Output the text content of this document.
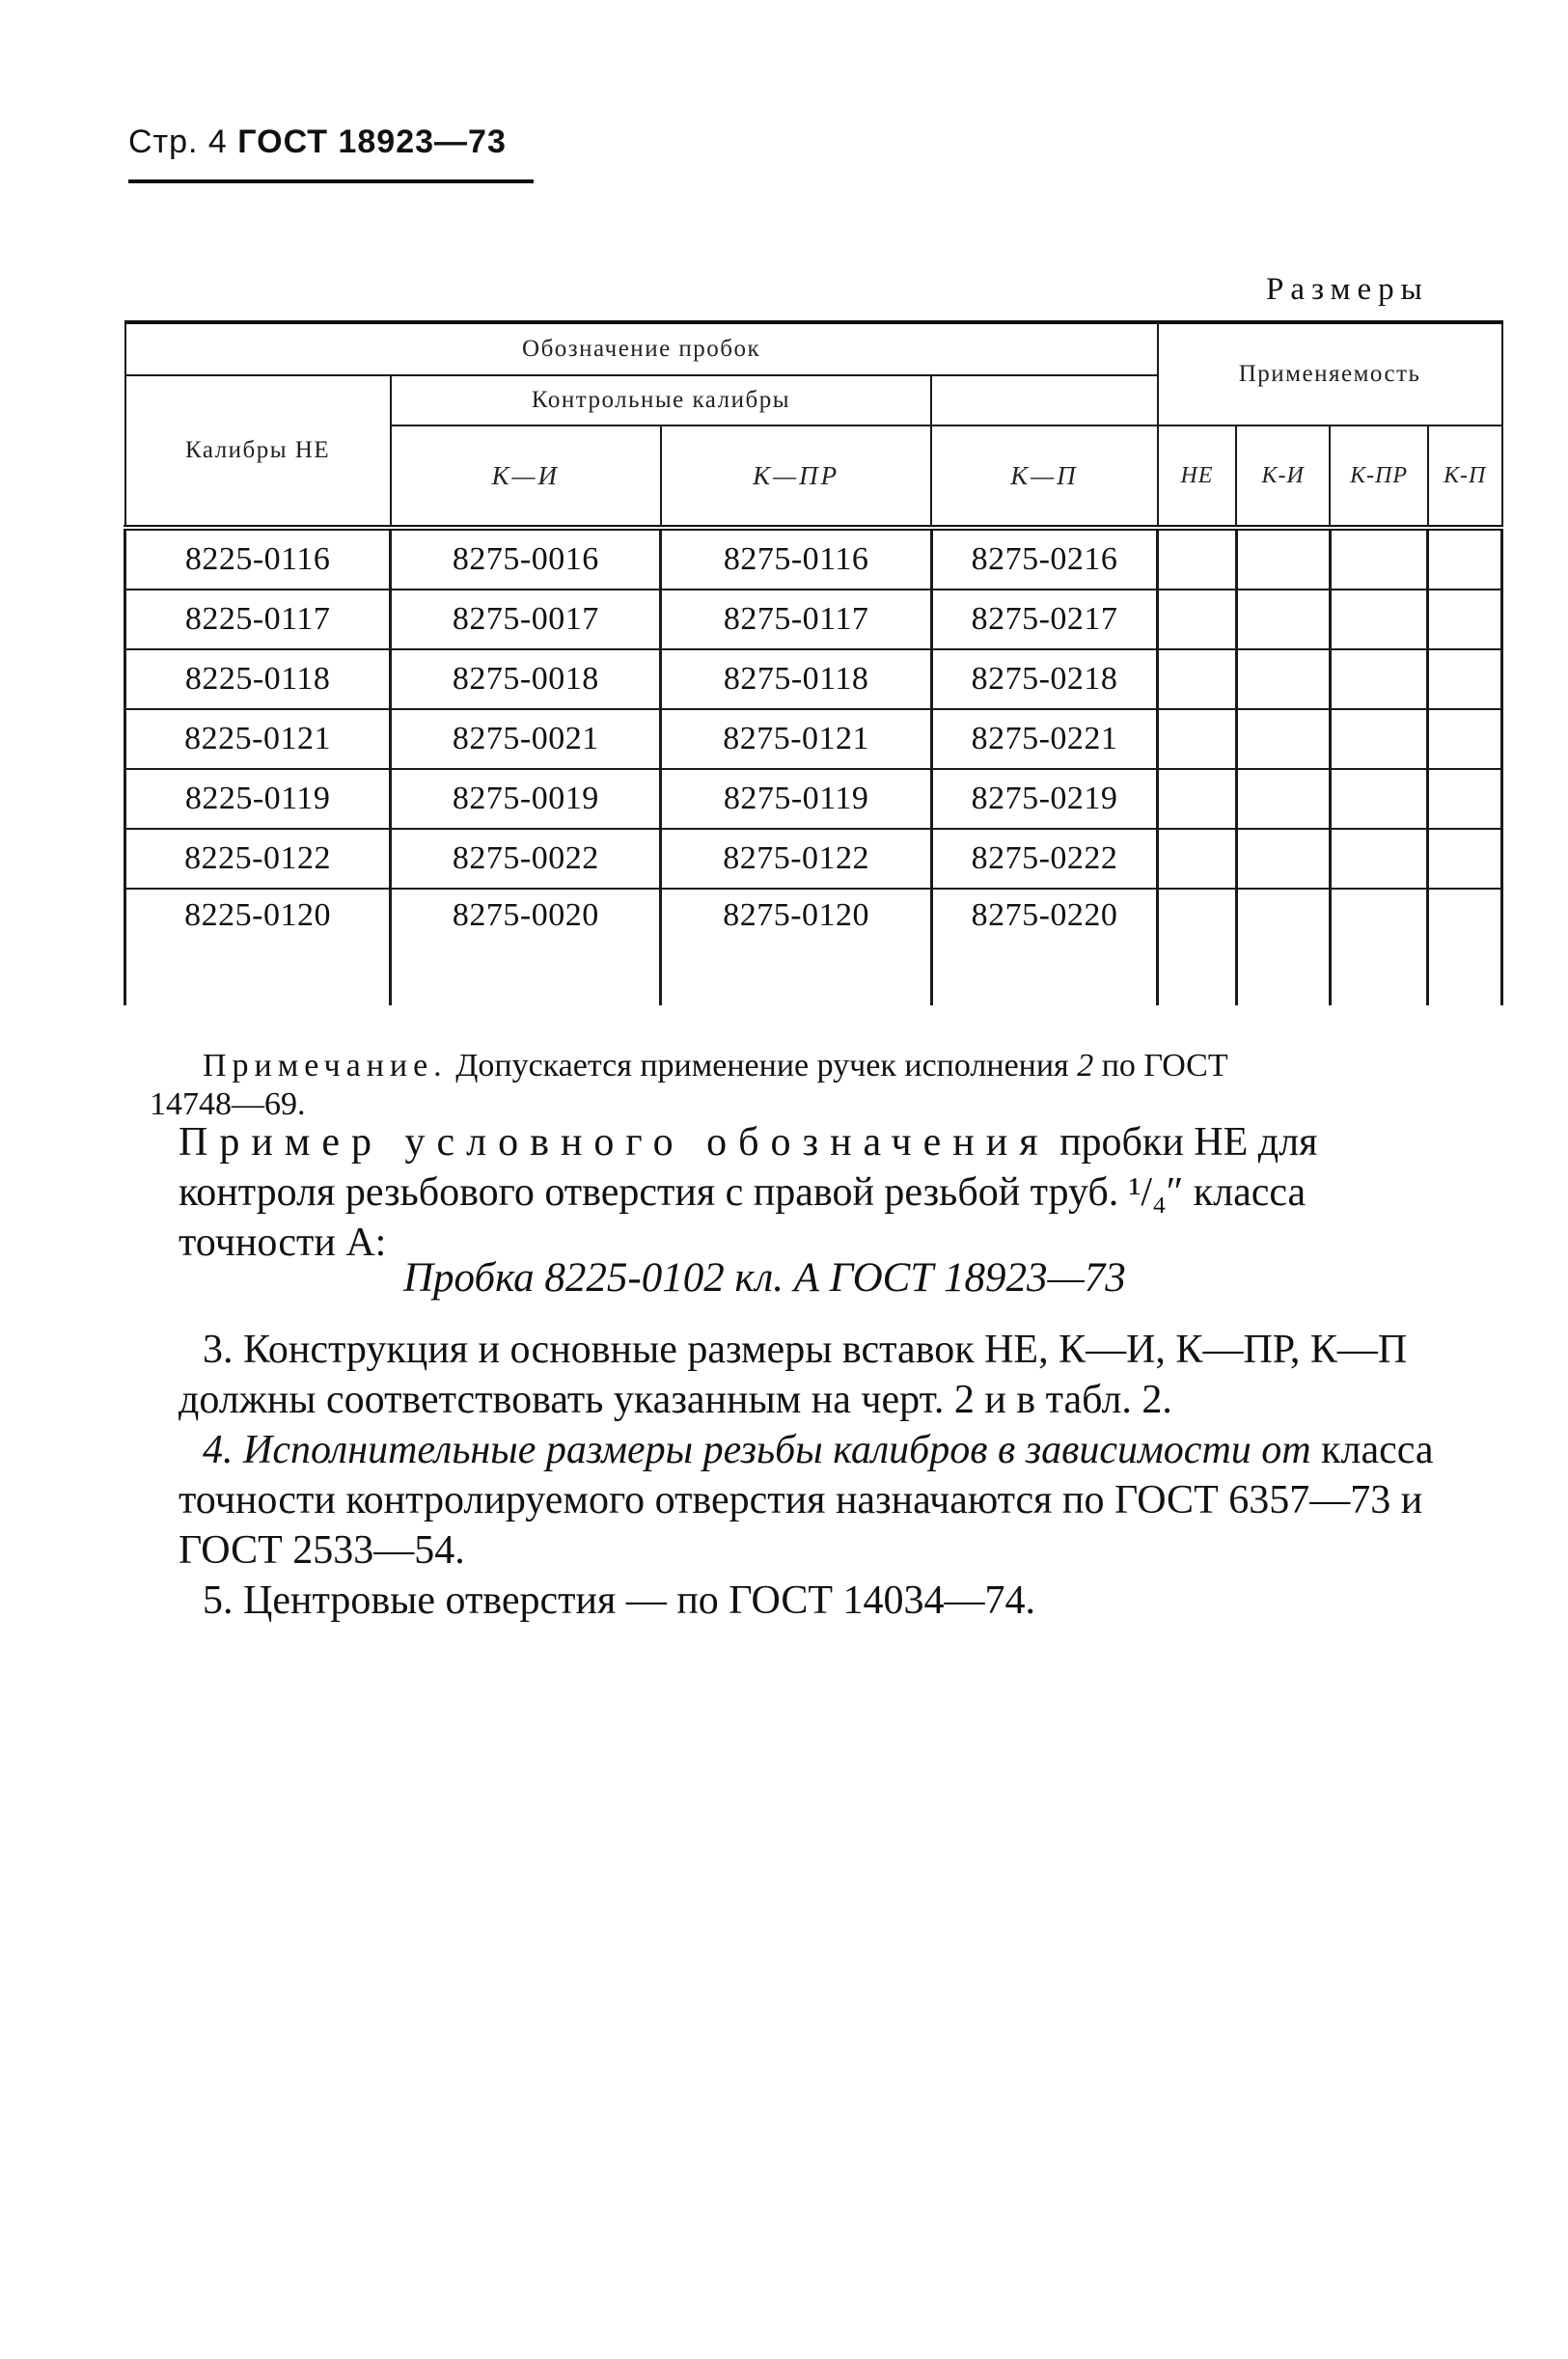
Стр. 4 ГОСТ 18923—73
Размеры
Обозначение пробок				Применяемость			
Калибры НЕ	Контрольные калибры						
	К—И	К—ПР	К—П	НЕ	К-И	К-ПР	К-П
8225-0116	8275-0016	8275-0116	8275-0216				
8225-0117	8275-0017	8275-0117	8275-0217				
8225-0118	8275-0018	8275-0118	8275-0218				
8225-0121	8275-0021	8275-0121	8275-0221				
8225-0119	8275-0019	8275-0119	8275-0219				
8225-0122	8275-0022	8275-0122	8275-0222				
8225-0120	8275-0020	8275-0120	8275-0220				
Примечание. Допускается применение ручек исполнения 2 по ГОСТ
14748—69.
Пример условного обозначения пробки НЕ для контроля резьбового отверстия с правой резьбой труб. ¹/₄″ класса точности А:
Пробка 8225-0102 кл. А ГОСТ 18923—73

3. Конструкция и основные размеры вставок НЕ, К—И, К—ПР, К—П должны соответствовать указанным на черт. 2 и в табл. 2.

4. Исполнительные размеры резьбы калибров в зависимости от класса точности контролируемого отверстия назначаются по ГОСТ 6357—73 и ГОСТ 2533—54.

5. Центровые отверстия — по ГОСТ 14034—74.
